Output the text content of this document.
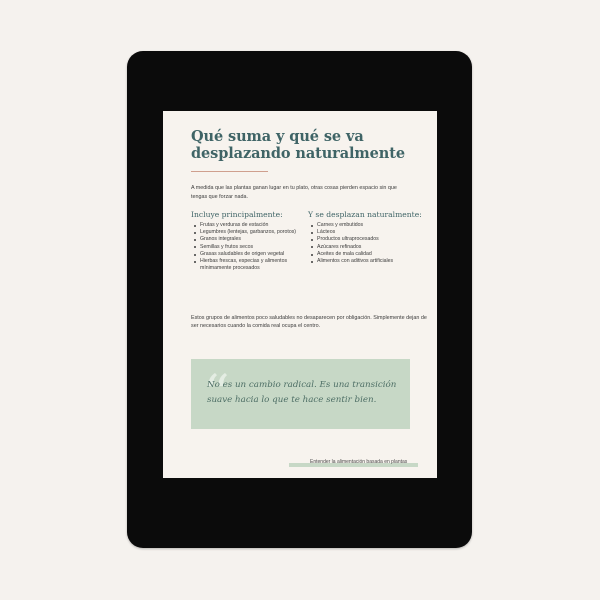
Qué suma y qué se va desplazando naturalmente

A medida que las plantas ganan lugar en tu plato, otras cosas pierden espacio sin que tengas que forzar nada.

Incluye principalmente:
Frutas y verduras de estación
Legumbres (lentejas, garbanzos, porotos)
Granos integrales
Semillas y frutos secos
Grasas saludables de origen vegetal
Hierbas frescas, especias y alimentos mínimamente procesados
Y se desplazan naturalmente:
Carnes y embutidos
Lácteos
Productos ultraprocesados
Azúcares refinados
Aceites de mala calidad
Alimentos con aditivos artificiales

Estos grupos de alimentos poco saludables no desaparecen por obligación. Simplemente dejan de ser necesarios cuando la comida real ocupa el centro.

“

No es un cambio radical. Es una transición suave hacia lo que te hace sentir bien.

Entender la alimentación basada en plantas
